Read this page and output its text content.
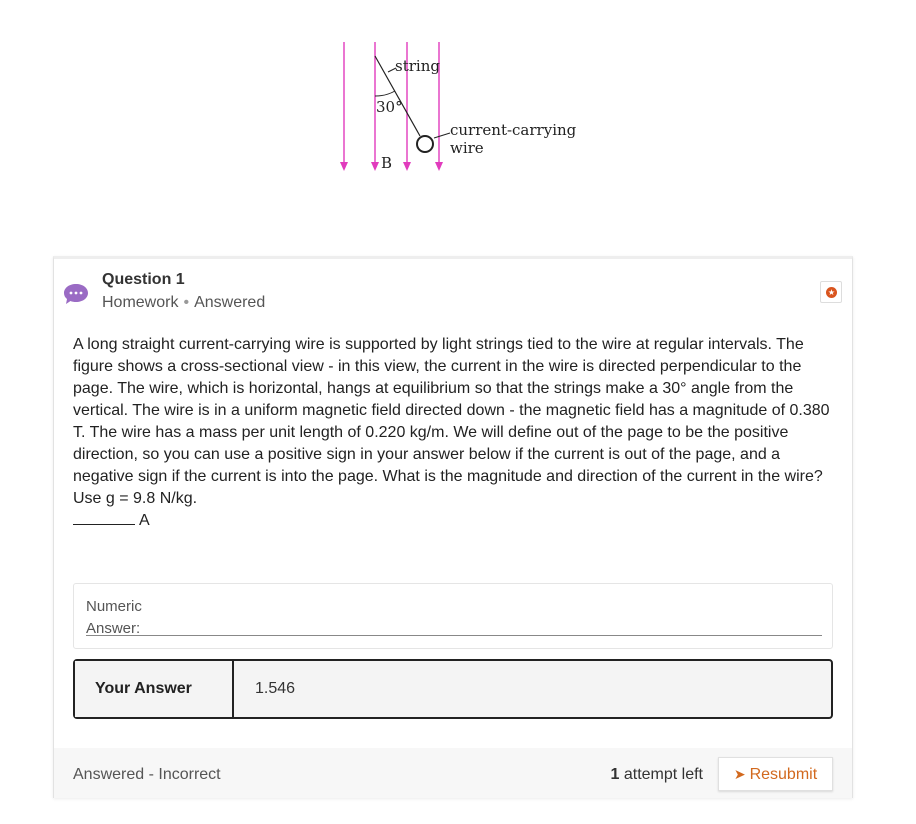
string
30°
current-carrying
wire
B
Question 1
Homework • Answered
★
A long straight current-carrying wire is supported by light strings tied to the wire at regular intervals. The figure shows a cross-sectional view - in this view, the current in the wire is directed perpendicular to the page. The wire, which is horizontal, hangs at equilibrium so that the strings make a 30° angle from the vertical. The wire is in a uniform magnetic field directed down - the magnetic field has a magnitude of 0.380 T. The wire has a mass per unit length of 0.220 kg/m. We will define out of the page to be the positive direction, so you can use a positive sign in your answer below if the current is out of the page, and a negative sign if the current is into the page. What is the magnitude and direction of the current in the wire? Use g = 9.8 N/kg.
A
Numeric Answer:
Your Answer	1.546
Answered - Incorrect	1 attempt left	➤ Resubmit
